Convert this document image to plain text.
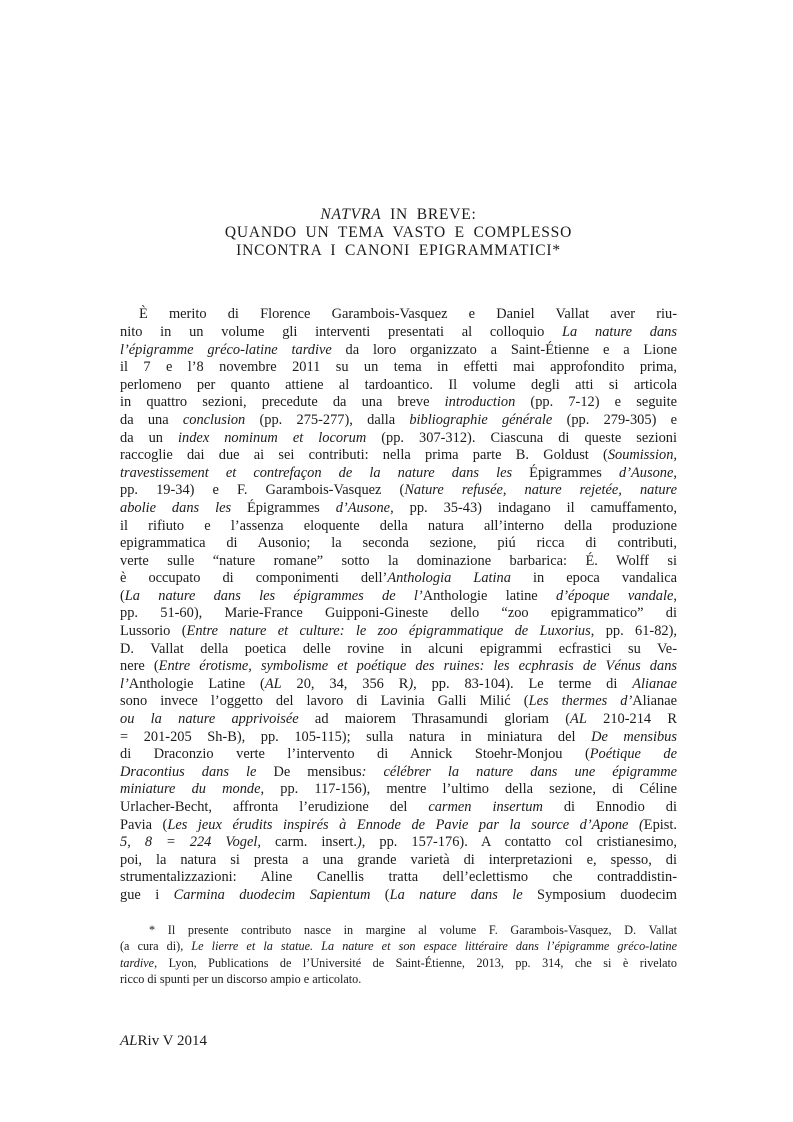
NATVRA IN BREVE:
QUANDO UN TEMA VASTO E COMPLESSO
INCONTRA I CANONI EPIGRAMMATICI*
È merito di Florence Garambois-Vasquez e Daniel Vallat aver riu-
nito in un volume gli interventi presentati al colloquio La nature dans
l’épigramme gréco-latine tardive da loro organizzato a Saint-Étienne e a Lione
il 7 e l’8 novembre 2011 su un tema in effetti mai approfondito prima,
perlomeno per quanto attiene al tardoantico. Il volume degli atti si articola
in quattro sezioni, precedute da una breve introduction (pp. 7-12) e seguite
da una conclusion (pp. 275-277), dalla bibliographie générale (pp. 279-305) e
da un index nominum et locorum (pp. 307-312). Ciascuna di queste sezioni
raccoglie dai due ai sei contributi: nella prima parte B. Goldust (Soumission,
travestissement et contrefaçon de la nature dans les Épigrammes d’Ausone,
pp. 19-34) e F. Garambois-Vasquez (Nature refusée, nature rejetée, nature
abolie dans les Épigrammes d’Ausone, pp. 35-43) indagano il camuffamento,
il rifiuto e l’assenza eloquente della natura all’interno della produzione
epigrammatica di Ausonio; la seconda sezione, piú ricca di contributi,
verte sulle “nature romane” sotto la dominazione barbarica: É. Wolff si
è occupato di componimenti dell’Anthologia Latina in epoca vandalica
(La nature dans les épigrammes de l’Anthologie latine d’époque vandale,
pp. 51-60), Marie-France Guipponi-Gineste dello “zoo epigrammatico” di
Lussorio (Entre nature et culture: le zoo épigrammatique de Luxorius, pp. 61-82),
D. Vallat della poetica delle rovine in alcuni epigrammi ecfrastici su Ve-
nere (Entre érotisme, symbolisme et poétique des ruines: les ecphrasis de Vénus dans
l’Anthologie Latine (AL 20, 34, 356 R), pp. 83-104). Le terme di Alianae
sono invece l’oggetto del lavoro di Lavinia Galli Milić (Les thermes d’Alianae
ou la nature apprivoisée ad maiorem Thrasamundi gloriam (AL 210-214 R
= 201-205 Sh-B), pp. 105-115); sulla natura in miniatura del De mensibus
di Draconzio verte l’intervento di Annick Stoehr-Monjou (Poétique de
Dracontius dans le De mensibus: célébrer la nature dans une épigramme
miniature du monde, pp. 117-156), mentre l’ultimo della sezione, di Céline
Urlacher-Becht, affronta l’erudizione del carmen insertum di Ennodio di
Pavia (Les jeux érudits inspirés à Ennode de Pavie par la source d’Apone (Epist.
5, 8 = 224 Vogel, carm. insert.), pp. 157-176). A contatto col cristianesimo,
poi, la natura si presta a una grande varietà di interpretazioni e, spesso, di
strumentalizzazioni: Aline Canellis tratta dell’eclettismo che contraddistin-
gue i Carmina duodecim Sapientum (La nature dans le Symposium duodecim
* Il presente contributo nasce in margine al volume F. Garambois-Vasquez, D. Vallat
(a cura di), Le lierre et la statue. La nature et son espace littéraire dans l’épigramme gréco-latine
tardive, Lyon, Publications de l’Université de Saint-Étienne, 2013, pp. 314, che si è rivelato
ricco di spunti per un discorso ampio e articolato.
ALRiv V 2014
